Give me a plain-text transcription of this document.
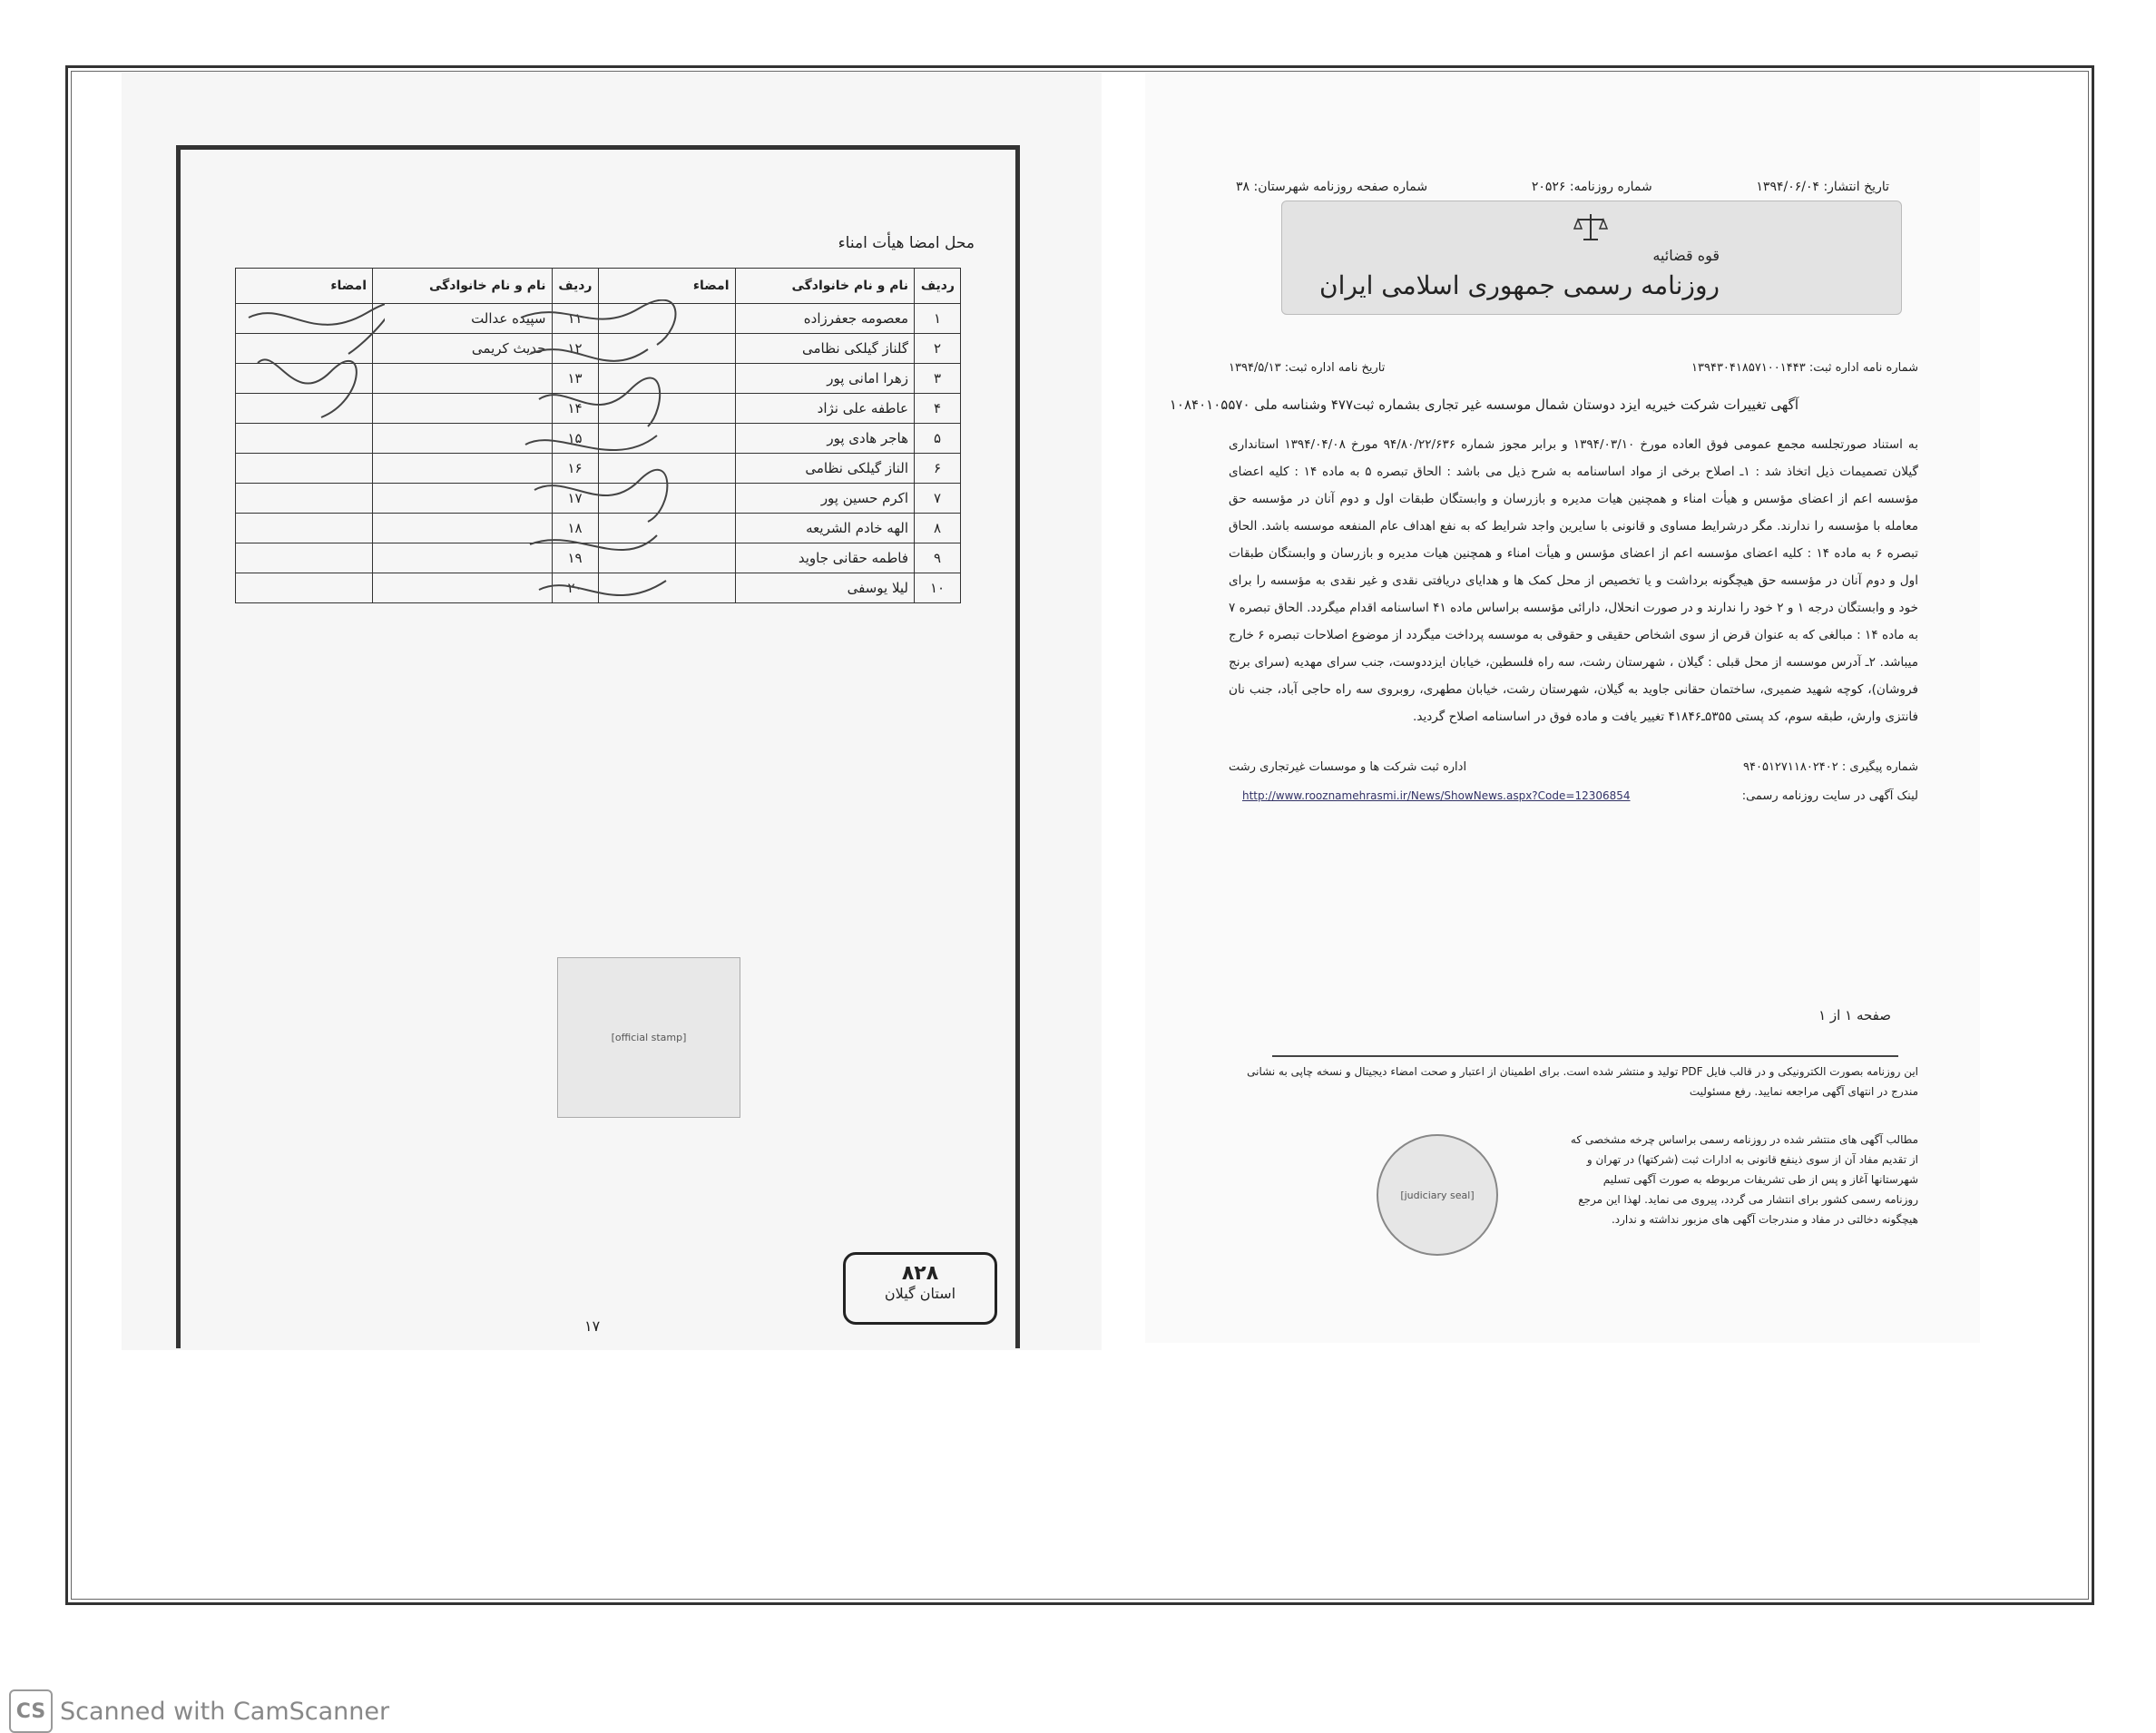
محل امضا هیأت امناء
ردیف	نام و نام خانوادگی	امضاء	ردیف	نام و نام خانوادگی	امضاء
۱	معصومه جعفرزاده		۱۱	سپیده عدالت	
۲	گلناز گیلکی نظامی		۱۲	حدیث کریمی	
۳	زهرا امانی پور		۱۳		
۴	عاطفه علی نژاد		۱۴		
۵	هاجر هادی پور		۱۵		
۶	الناز گیلکی نظامی		۱۶		
۷	اکرم حسین پور		۱۷		
۸	الهه خادم الشریعه		۱۸		
۹	فاطمه حقانی جاوید		۱۹		
۱۰	لیلا یوسفی		۲۰		
[official stamp]
۸۲۸
استان گیلان
۱۷
تاریخ انتشار: ۱۳۹۴/۰۶/۰۴
شماره روزنامه: ۲۰۵۲۶
شماره صفحه روزنامه شهرستان: ۳۸
قوه قضائیه
روزنامه رسمی جمهوری اسلامی ایران
شماره نامه اداره ثبت: ۱۳۹۴۳۰۴۱۸۵۷۱۰۰۱۴۴۳
تاریخ نامه اداره ثبت: ۱۳۹۴/۵/۱۳
آگهی تغییرات شرکت خیریه ایزد دوستان شمال موسسه غیر تجاری بشماره ثبت۴۷۷ وشناسه ملی ۱۰۸۴۰۱۰۵۵۷۰
به استناد صورتجلسه مجمع عمومی فوق العاده مورخ ۱۳۹۴/۰۳/۱۰ و برابر مجوز شماره ۹۴/۸۰/۲۲/۶۳۶ مورخ ۱۳۹۴/۰۴/۰۸ استانداری گیلان تصمیمات ذیل اتخاذ شد : ۱ـ اصلاح برخی از مواد اساسنامه به شرح ذیل می باشد : الحاق تبصره ۵ به ماده ۱۴ : کلیه اعضای مؤسسه اعم از اعضای مؤسس و هیأت امناء و همچنین هیات مدیره و بازرسان و وابستگان طبقات اول و دوم آنان در مؤسسه حق معامله با مؤسسه را ندارند. مگر درشرایط مساوی و قانونی با سایرین واجد شرایط که به نفع اهداف عام المنفعه موسسه باشد. الحاق تبصره ۶ به ماده ۱۴ : کلیه اعضای مؤسسه اعم از اعضای مؤسس و هیأت امناء و همچنین هیات مدیره و بازرسان و وابستگان طبقات اول و دوم آنان در مؤسسه حق هیچگونه برداشت و یا تخصیص از محل کمک ها و هدایای دریافتی نقدی و غیر نقدی به مؤسسه را برای خود و وابستگان درجه ۱ و ۲ خود را ندارند و در صورت انحلال، دارائی مؤسسه براساس ماده ۴۱ اساسنامه اقدام میگردد. الحاق تبصره ۷ به ماده ۱۴ : مبالغی که به عنوان قرض از سوی اشخاص حقیقی و حقوقی به موسسه پرداخت میگردد از موضوع اصلاحات تبصره ۶ خارج میباشد. ۲ـ آدرس موسسه از محل قبلی : گیلان ، شهرستان رشت، سه راه فلسطین، خیابان ایزددوست، جنب سرای مهدیه (سرای برنج فروشان)، کوچه شهید ضمیری، ساختمان حقانی جاوید به گیلان، شهرستان رشت، خیابان مطهری، روبروی سه راه حاجی آباد، جنب نان فانتزی وارش، طبقه سوم، کد پستی ۵۳۵۵ـ۴۱۸۴۶ تغییر یافت و ماده فوق در اساسنامه اصلاح گردید.
شماره پیگیری : ۹۴۰۵۱۲۷۱۱۸۰۲۴۰۲
اداره ثبت شرکت ها و موسسات غیرتجاری رشت
لینک آگهی در سایت روزنامه رسمی:
http://www.rooznamehrasmi.ir/News/ShowNews.aspx?Code=12306854
صفحه ۱ از ۱
این روزنامه بصورت الکترونیکی و در قالب فایل PDF تولید و منتشر شده است. برای اطمینان از اعتبار و صحت امضاء دیجیتال و نسخه چاپی به نشانی مندرج در انتهای آگهی مراجعه نمایید. رفع مسئولیت
مطالب آگهی های منتشر شده در روزنامه رسمی براساس چرخه مشخصی که از تقدیم مفاد آن از سوی ذینفع قانونی به ادارات ثبت (شرکتها) در تهران و شهرستانها آغاز و پس از طی تشریفات مربوطه به صورت آگهی تسلیم روزنامه رسمی کشور برای انتشار می گردد، پیروی می نماید. لهذا این مرجع هیچگونه دخالتی در مفاد و مندرجات آگهی های مزبور نداشته و ندارد.
[judiciary seal]
CS Scanned with CamScanner
